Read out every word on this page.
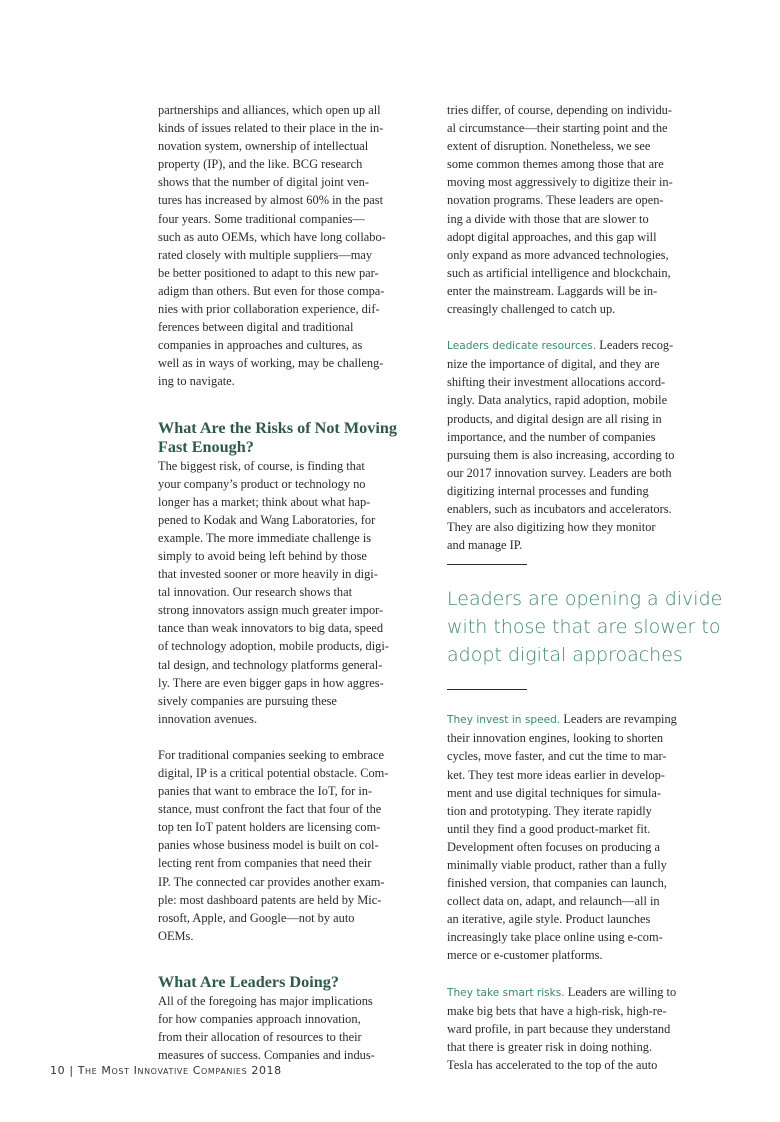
partnerships and alliances, which open up all
kinds of issues related to their place in the in-
novation system, ownership of intellectual
property (IP), and the like. BCG research
shows that the number of digital joint ven-
tures has increased by almost 60% in the past
four years. Some traditional companies—
such as auto OEMs, which have long collabo-
rated closely with multiple suppliers—may
be better positioned to adapt to this new par-
adigm than others. But even for those compa-
nies with prior collaboration experience, dif-
ferences between digital and traditional
companies in approaches and cultures, as
well as in ways of working, may be challeng-
ing to navigate.
What Are the Risks of Not Moving
Fast Enough?
The biggest risk, of course, is finding that
your company’s product or technology no
longer has a market; think about what hap-
pened to Kodak and Wang Laboratories, for
example. The more immediate challenge is
simply to avoid being left behind by those
that invested sooner or more heavily in digi-
tal innovation. Our research shows that
strong innovators assign much greater impor-
tance than weak innovators to big data, speed
of technology adoption, mobile products, digi-
tal design, and technology platforms general-
ly. There are even bigger gaps in how aggres-
sively companies are pursuing these
innovation avenues.
For traditional companies seeking to embrace
digital, IP is a critical potential obstacle. Com-
panies that want to embrace the IoT, for in-
stance, must confront the fact that four of the
top ten IoT patent holders are licensing com-
panies whose business model is built on col-
lecting rent from companies that need their
IP. The connected car provides another exam-
ple: most dashboard patents are held by Mic-
rosoft, Apple, and Google—not by auto
OEMs.
What Are Leaders Doing?
All of the foregoing has major implications
for how companies approach innovation,
from their allocation of resources to their
measures of success. Companies and indus-
tries differ, of course, depending on individu-
al circumstance—their starting point and the
extent of disruption. Nonetheless, we see
some common themes among those that are
moving most aggressively to digitize their in-
novation programs. These leaders are open-
ing a divide with those that are slower to
adopt digital approaches, and this gap will
only expand as more advanced technologies,
such as artificial intelligence and blockchain,
enter the mainstream. Laggards will be in-
creasingly challenged to catch up.
Leaders dedicate resources. Leaders recog-
nize the importance of digital, and they are
shifting their investment allocations accord-
ingly. Data analytics, rapid adoption, mobile
products, and digital design are all rising in
importance, and the number of companies
pursuing them is also increasing, according to
our 2017 innovation survey. Leaders are both
digitizing internal processes and funding
enablers, such as incubators and accelerators.
They are also digitizing how they monitor
and manage IP.
Leaders are opening a divide
with those that are slower to
adopt digital approaches
They invest in speed. Leaders are revamping
their innovation engines, looking to shorten
cycles, move faster, and cut the time to mar-
ket. They test more ideas earlier in develop-
ment and use digital techniques for simula-
tion and prototyping. They iterate rapidly
until they find a good product-market fit.
Development often focuses on producing a
minimally viable product, rather than a fully
finished version, that companies can launch,
collect data on, adapt, and relaunch—all in
an iterative, agile style. Product launches
increasingly take place online using e-com-
merce or e-customer platforms.
They take smart risks. Leaders are willing to
make big bets that have a high-risk, high-re-
ward profile, in part because they understand
that there is greater risk in doing nothing.
Tesla has accelerated to the top of the auto
10 | The Most Innovative Companies 2018
